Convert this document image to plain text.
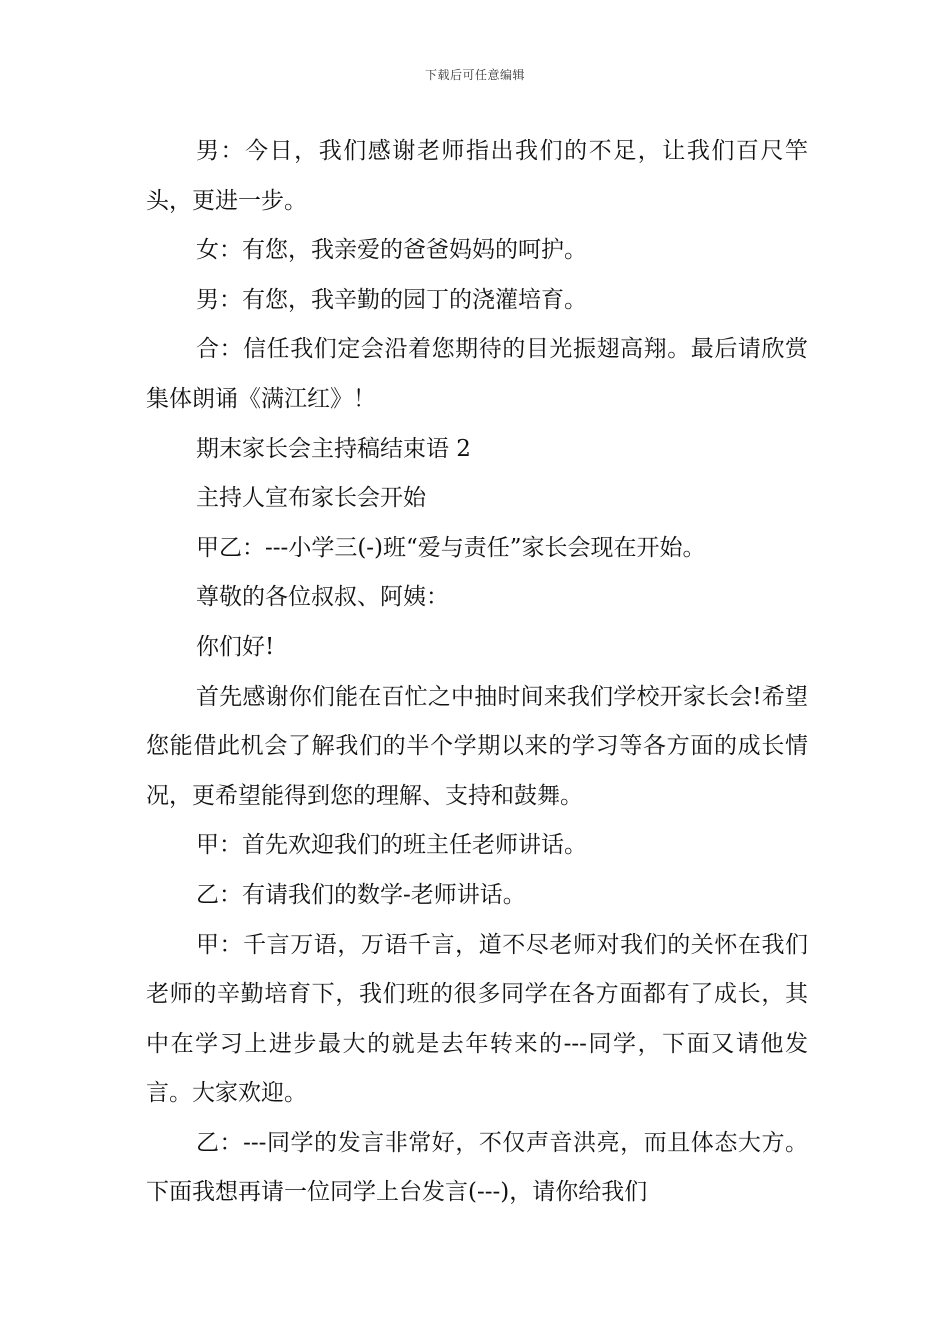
下载后可任意编辑

男：今日，我们感谢老师指出我们的不足，让我们百尺竿头，更进一步。

女：有您，我亲爱的爸爸妈妈的呵护。

男：有您，我辛勤的园丁的浇灌培育。

合：信任我们定会沿着您期待的目光振翅高翔。最后请欣赏集体朗诵《满江红》！

期末家长会主持稿结束语 2

主持人宣布家长会开始

甲乙：---小学三(-)班“爱与责任”家长会现在开始。

尊敬的各位叔叔、阿姨：

你们好!

首先感谢你们能在百忙之中抽时间来我们学校开家长会!希望您能借此机会了解我们的半个学期以来的学习等各方面的成长情况，更希望能得到您的理解、支持和鼓舞。

甲：首先欢迎我们的班主任老师讲话。

乙：有请我们的数学-老师讲话。

甲：千言万语，万语千言，道不尽老师对我们的关怀在我们老师的辛勤培育下，我们班的很多同学在各方面都有了成长，其中在学习上进步最大的就是去年转来的---同学，下面又请他发言。大家欢迎。

乙：---同学的发言非常好，不仅声音洪亮，而且体态大方。下面我想再请一位同学上台发言(---)，请你给我们
